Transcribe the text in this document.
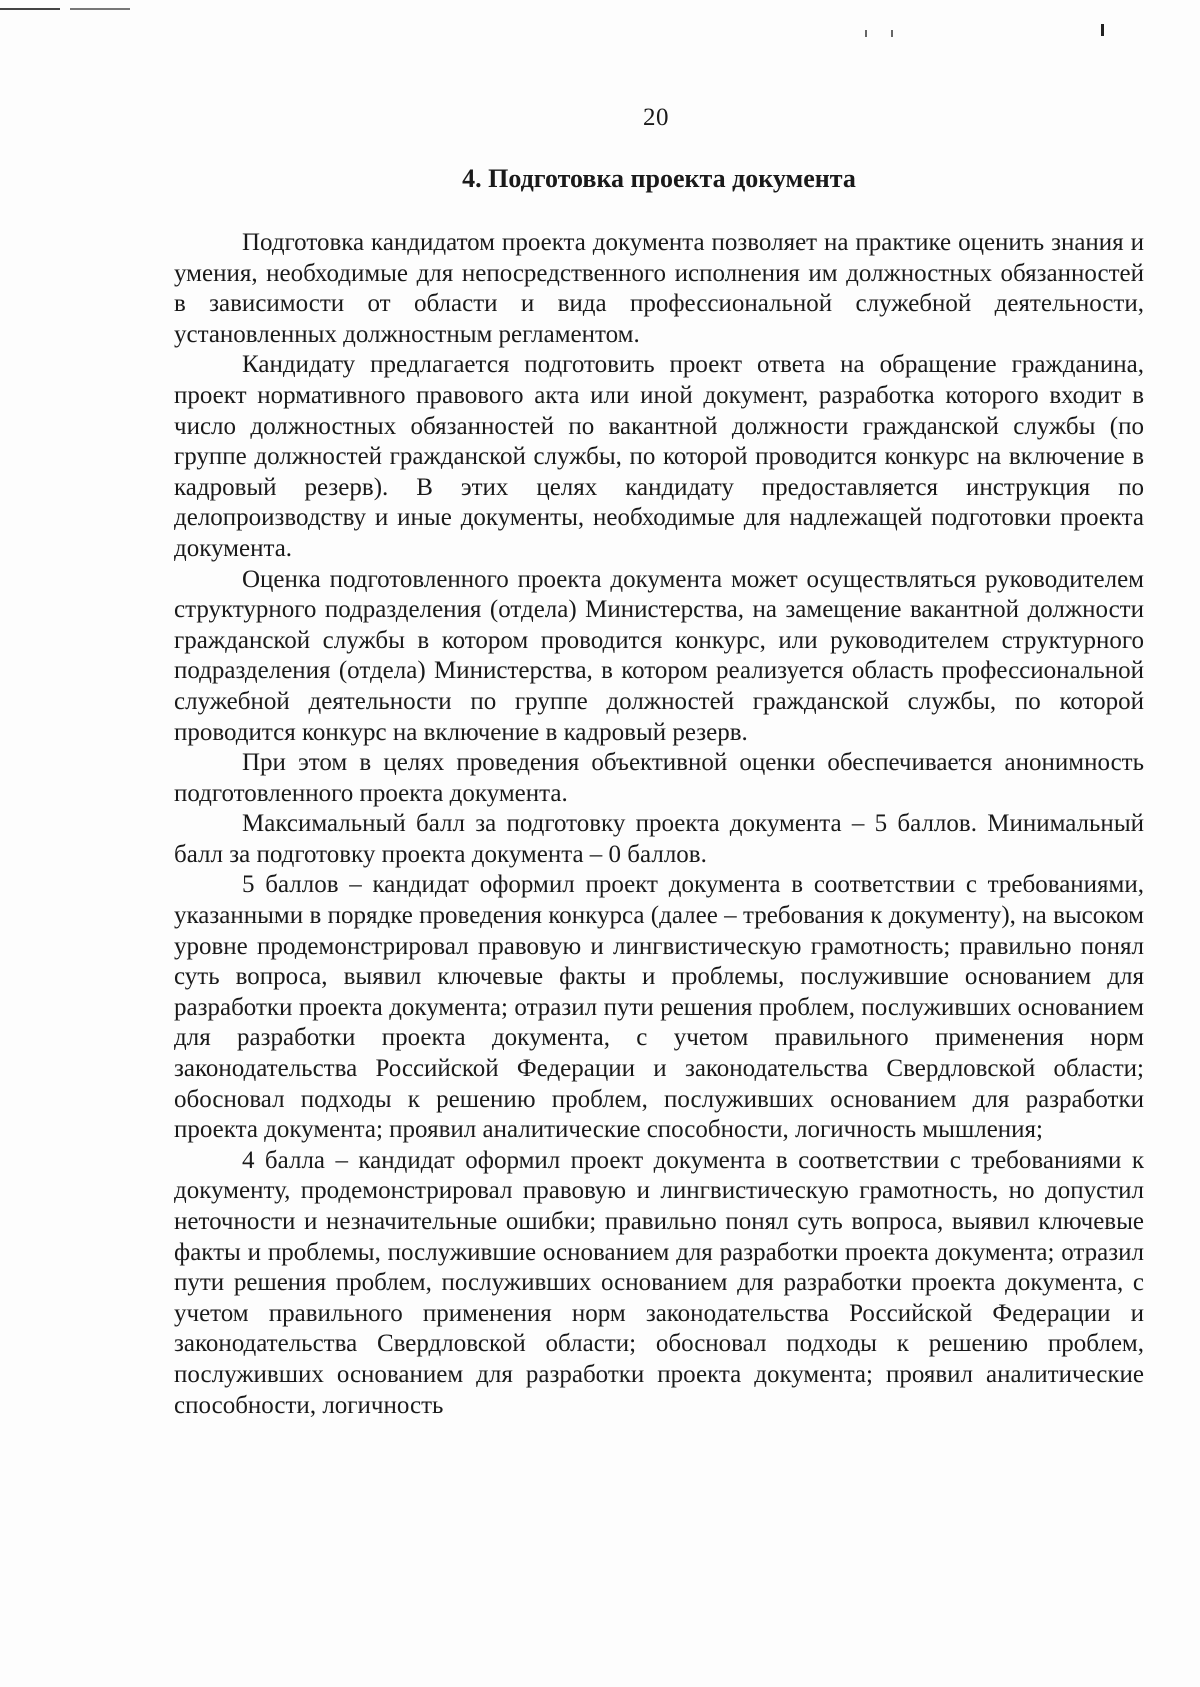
20
4. Подготовка проекта документа

Подготовка кандидатом проекта документа позволяет на практике оценить знания и умения, необходимые для непосредственного исполнения им должностных обязанностей в зависимости от области и вида профессиональной служебной деятельности, установленных должностным регламентом.

Кандидату предлагается подготовить проект ответа на обращение гражданина, проект нормативного правового акта или иной документ, разработка которого входит в число должностных обязанностей по вакантной должности гражданской службы (по группе должностей гражданской службы, по которой проводится конкурс на включение в кадровый резерв). В этих целях кандидату предоставляется инструкция по делопроизводству и иные документы, необходимые для надлежащей подготовки проекта документа.

Оценка подготовленного проекта документа может осуществляться руководителем структурного подразделения (отдела) Министерства, на замещение вакантной должности гражданской службы в котором проводится конкурс, или руководителем структурного подразделения (отдела) Министерства, в котором реализуется область профессиональной служебной деятельности по группе должностей гражданской службы, по которой проводится конкурс на включение в кадровый резерв.

При этом в целях проведения объективной оценки обеспечивается анонимность подготовленного проекта документа.

Максимальный балл за подготовку проекта документа – 5 баллов. Минимальный балл за подготовку проекта документа – 0 баллов.

5 баллов – кандидат оформил проект документа в соответствии с требованиями, указанными в порядке проведения конкурса (далее – требования к документу), на высоком уровне продемонстрировал правовую и лингвистическую грамотность; правильно понял суть вопроса, выявил ключевые факты и проблемы, послужившие основанием для разработки проекта документа; отразил пути решения проблем, послуживших основанием для разработки проекта документа, с учетом правильного применения норм законодательства Российской Федерации и законодательства Свердловской области; обосновал подходы к решению проблем, послуживших основанием для разработки проекта документа; проявил аналитические способности, логичность мышления;

4 балла – кандидат оформил проект документа в соответствии с требованиями к документу, продемонстрировал правовую и лингвистическую грамотность, но допустил неточности и незначительные ошибки; правильно понял суть вопроса, выявил ключевые факты и проблемы, послужившие основанием для разработки проекта документа; отразил пути решения проблем, послуживших основанием для разработки проекта документа, с учетом правильного применения норм законодательства Российской Федерации и законодательства Свердловской области; обосновал подходы к решению проблем, послуживших основанием для разработки проекта документа; проявил аналитические способности, логичность
